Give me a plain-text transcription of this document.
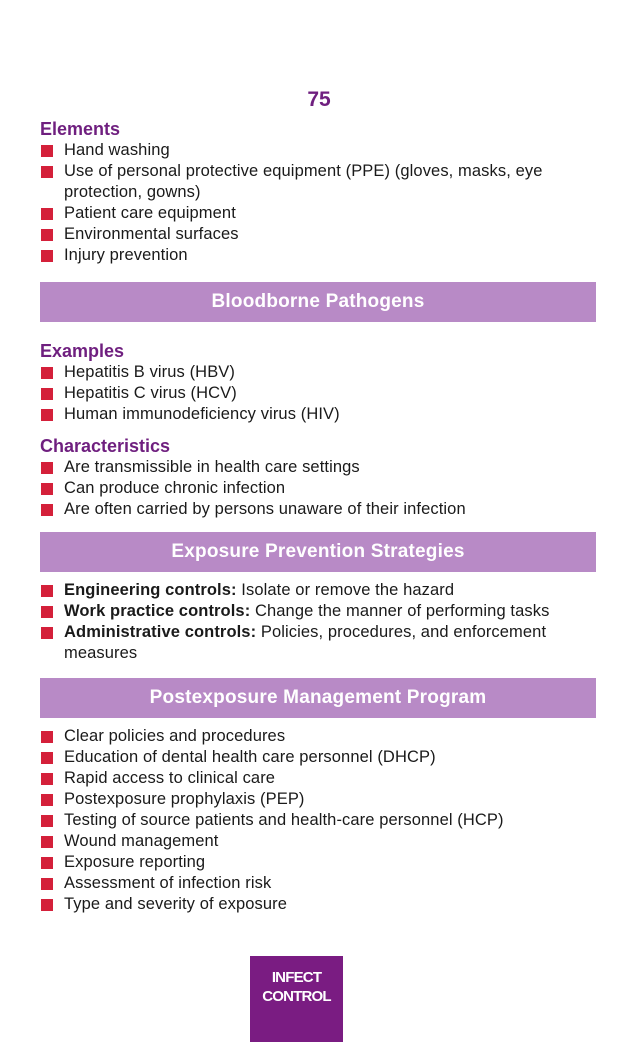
75
Elements
Hand washing
Use of personal protective equipment (PPE) (gloves, masks, eye protection, gowns)
Patient care equipment
Environmental surfaces
Injury prevention
Bloodborne Pathogens
Examples
Hepatitis B virus (HBV)
Hepatitis C virus (HCV)
Human immunodeficiency virus (HIV)
Characteristics
Are transmissible in health care settings
Can produce chronic infection
Are often carried by persons unaware of their infection
Exposure Prevention Strategies
Engineering controls: Isolate or remove the hazard
Work practice controls: Change the manner of performing tasks
Administrative controls: Policies, procedures, and enforcement measures
Postexposure Management Program
Clear policies and procedures
Education of dental health care personnel (DHCP)
Rapid access to clinical care
Postexposure prophylaxis (PEP)
Testing of source patients and health-care personnel (HCP)
Wound management
Exposure reporting
Assessment of infection risk
Type and severity of exposure
INFECT
CONTROL
